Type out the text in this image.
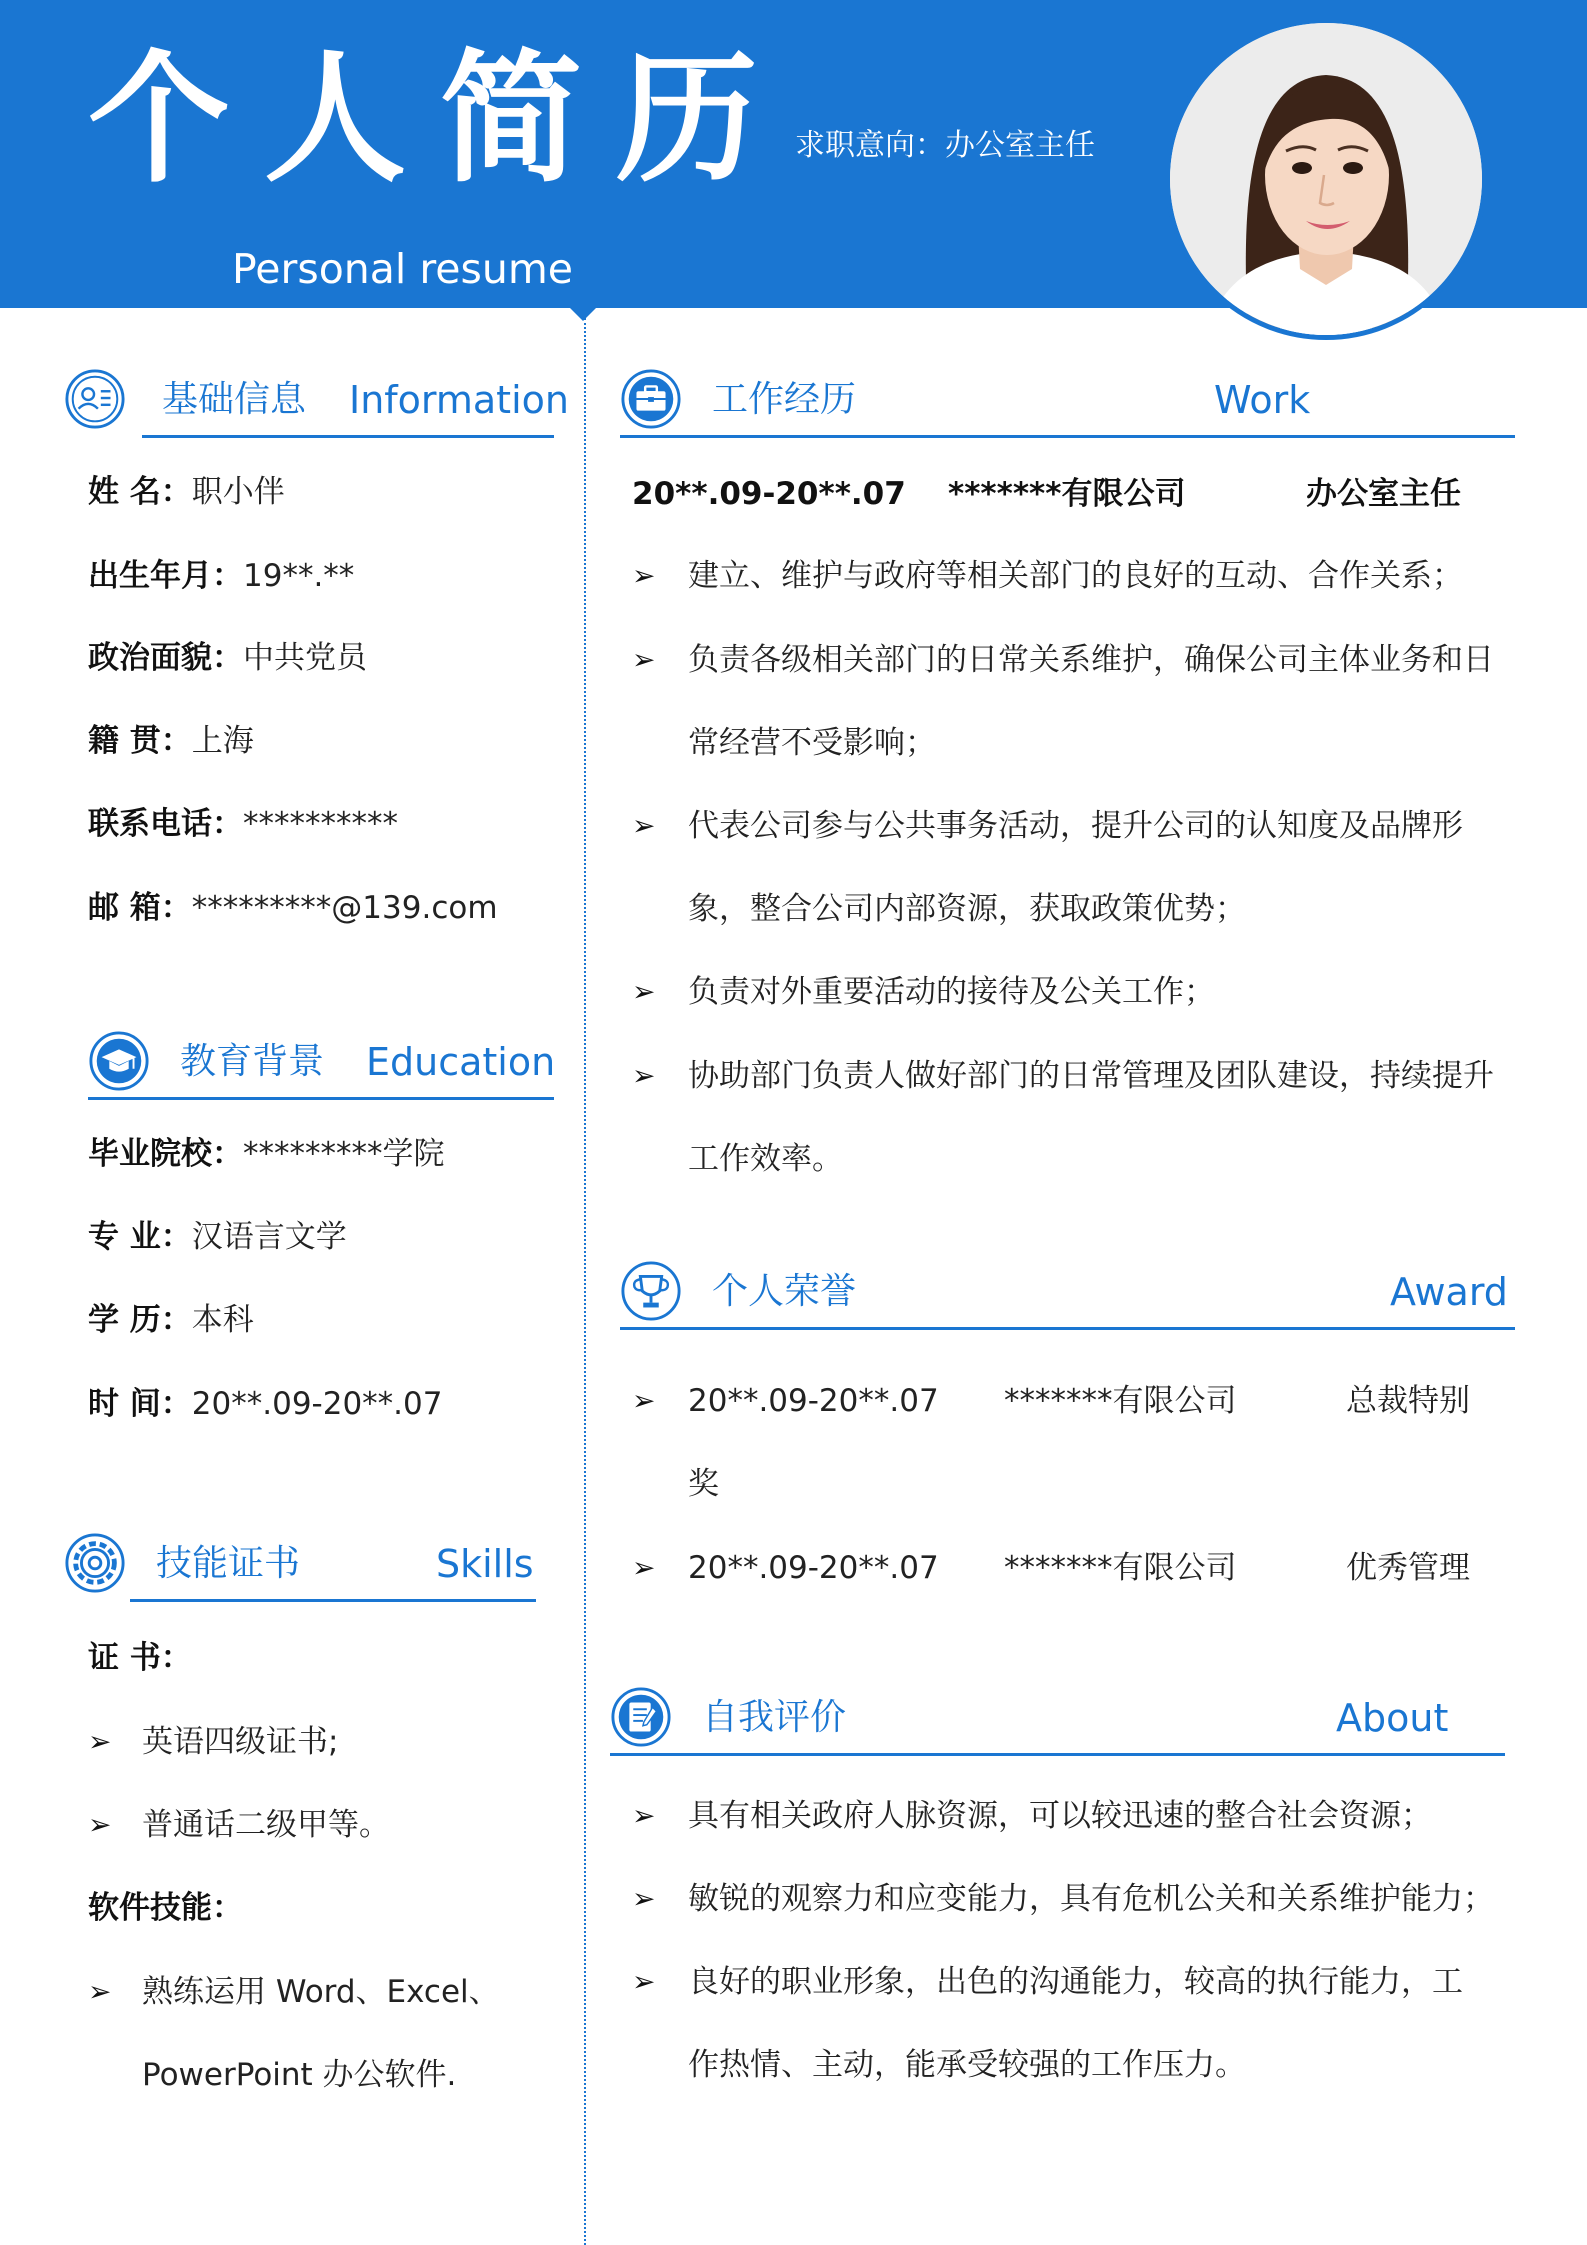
个人简历
Personal resume
求职意向：办公室主任
基础信息 Information
姓 名：职小伴
出生年月：19**.**
政治面貌：中共党员
籍 贯：上海
联系电话：**********
邮 箱：*********@139.com
教育背景 Education
毕业院校：*********学院
专 业：汉语言文学
学 历：本科
时 间：20**.09-20**.07
技能证书	Skills
证 书：
➢ 英语四级证书;
➢ 普通话二级甲等。
软件技能：
➢ 熟练运用 Word、Excel、
PowerPoint 办公软件.
工作经历	Work
20**.09-20**.07 *******有限公司	办公室主任
➢ 建立、维护与政府等相关部门的良好的互动、合作关系；
➢ 负责各级相关部门的日常关系维护，确保公司主体业务和日
常经营不受影响；
➢ 代表公司参与公共事务活动，提升公司的认知度及品牌形
象，整合公司内部资源，获取政策优势；
➢ 负责对外重要活动的接待及公关工作；
➢ 协助部门负责人做好部门的日常管理及团队建设，持续提升
工作效率。
个人荣誉	Award
➢ 20**.09-20**.07 *******有限公司	总裁特别
奖
➢ 20**.09-20**.07 *******有限公司	优秀管理
自我评价	About
➢ 具有相关政府人脉资源，可以较迅速的整合社会资源；
➢ 敏锐的观察力和应变能力，具有危机公关和关系维护能力；
➢ 良好的职业形象，出色的沟通能力，较高的执行能力，工
作热情、主动，能承受较强的工作压力。
